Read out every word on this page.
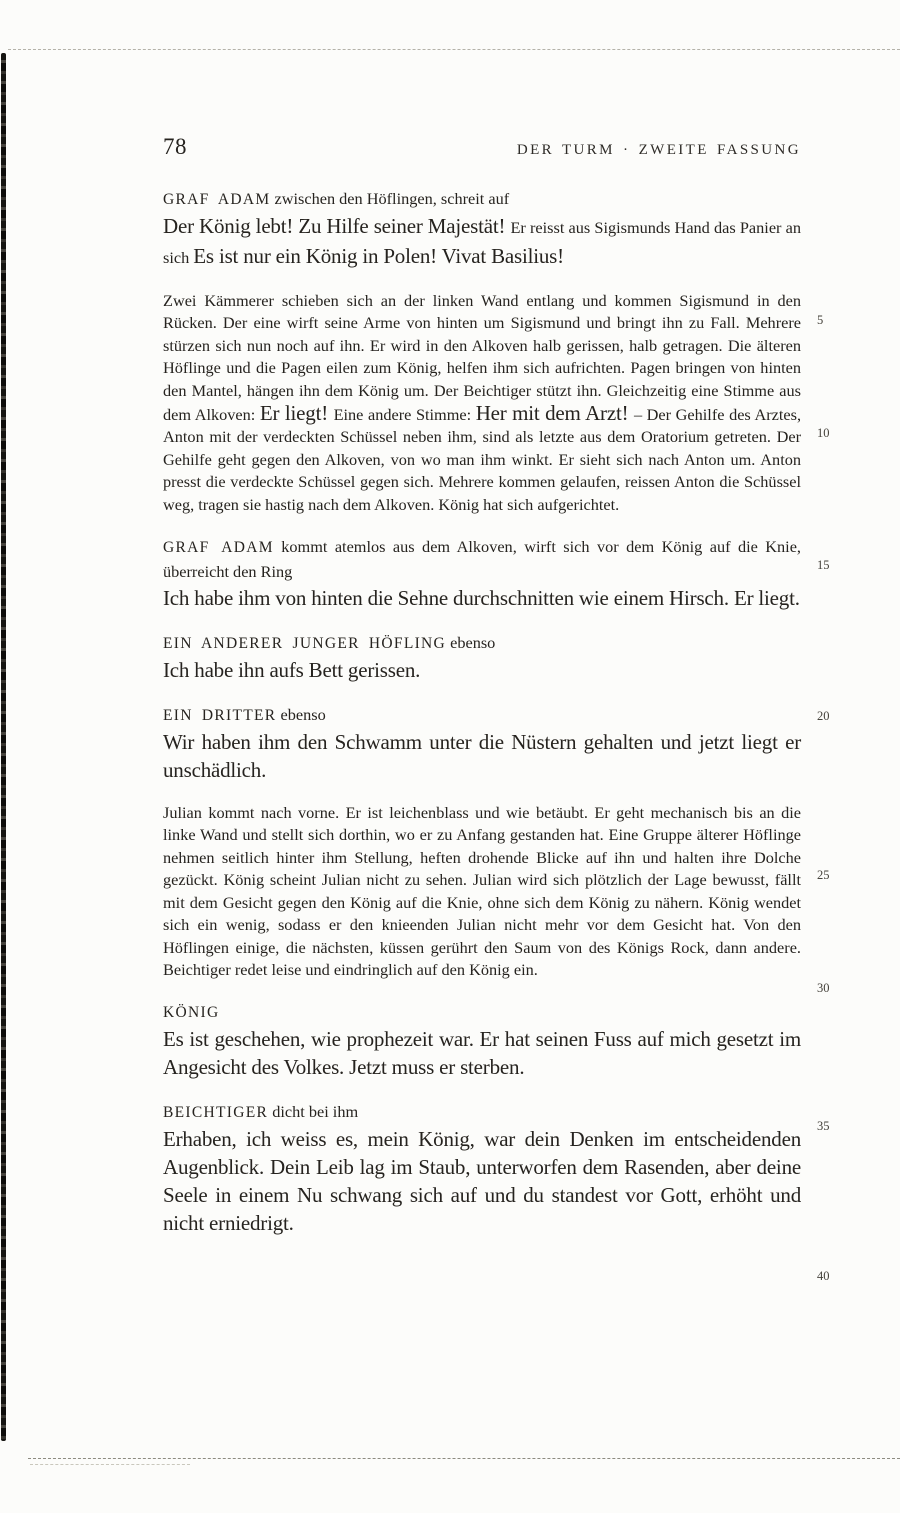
78	DER TURM · ZWEITE FASSUNG

GRAF ADAM zwischen den Höflingen, schreit auf

Der König lebt! Zu Hilfe seiner Majestät! Er reisst aus Sigismunds Hand das Panier an sich Es ist nur ein König in Polen! Vivat Basilius!

Zwei Kämmerer schieben sich an der linken Wand entlang und kommen Sigismund in den Rücken. Der eine wirft seine Arme von hinten um Sigismund und bringt ihn zu Fall. Mehrere stürzen sich nun noch auf ihn. Er wird in den Alkoven halb gerissen, halb getragen. Die älteren Höflinge und die Pagen eilen zum König, helfen ihm sich aufrichten. Pagen bringen von hinten den Mantel, hängen ihn dem König um. Der Beichtiger stützt ihn. Gleichzeitig eine Stimme aus dem Alkoven: Er liegt! Eine andere Stimme: Her mit dem Arzt! – Der Gehilfe des Arztes, Anton mit der verdeckten Schüssel neben ihm, sind als letzte aus dem Oratorium getreten. Der Gehilfe geht gegen den Alkoven, von wo man ihm winkt. Er sieht sich nach Anton um. Anton presst die verdeckte Schüssel gegen sich. Mehrere kommen gelaufen, reissen Anton die Schüssel weg, tragen sie hastig nach dem Alkoven. König hat sich aufgerichtet.

GRAF ADAM kommt atemlos aus dem Alkoven, wirft sich vor dem König auf die Knie, überreicht den Ring

Ich habe ihm von hinten die Sehne durchschnitten wie einem Hirsch. Er liegt.

EIN ANDERER JUNGER HÖFLING ebenso

Ich habe ihn aufs Bett gerissen.

EIN DRITTER ebenso

Wir haben ihm den Schwamm unter die Nüstern gehalten und jetzt liegt er unschädlich.

Julian kommt nach vorne. Er ist leichenblass und wie betäubt. Er geht mechanisch bis an die linke Wand und stellt sich dorthin, wo er zu Anfang gestanden hat. Eine Gruppe älterer Höflinge nehmen seitlich hinter ihm Stellung, heften drohende Blicke auf ihn und halten ihre Dolche gezückt. König scheint Julian nicht zu sehen. Julian wird sich plötzlich der Lage bewusst, fällt mit dem Gesicht gegen den König auf die Knie, ohne sich dem König zu nähern. König wendet sich ein wenig, sodass er den knieenden Julian nicht mehr vor dem Gesicht hat. Von den Höflingen einige, die nächsten, küssen gerührt den Saum von des Königs Rock, dann andere. Beichtiger redet leise und eindringlich auf den König ein.

KÖNIG

Es ist geschehen, wie prophezeit war. Er hat seinen Fuss auf mich gesetzt im Angesicht des Volkes. Jetzt muss er sterben.

BEICHTIGER dicht bei ihm

Erhaben, ich weiss es, mein König, war dein Denken im entscheidenden Augenblick. Dein Leib lag im Staub, unterworfen dem Rasenden, aber deine Seele in einem Nu schwang sich auf und du standest vor Gott, erhöht und nicht erniedrigt.

5
10
15
20
25
30
35
40
